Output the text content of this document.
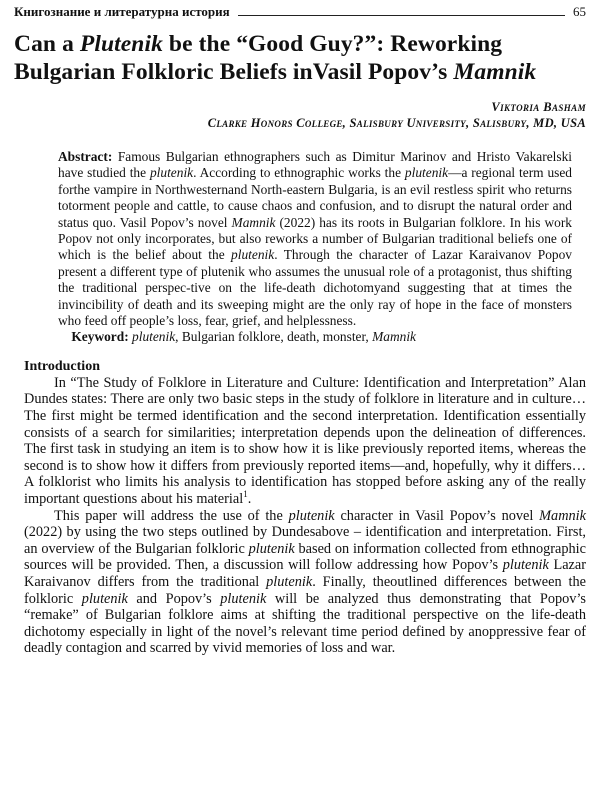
Книгознание и литературна история	65
Can a Plutenik be the “Good Guy?”: Reworking Bulgarian Folkloric Beliefs inVasil Popov’s Mamnik
Viktoria Basham
Clarke Honors College, Salisbury University, Salisbury, MD, USA
Abstract: Famous Bulgarian ethnographers such as Dimitur Marinov and Hristo Vakarelski have studied the plutenik. According to ethnographic works the plutenik—a regional term used forthe vampire in Northwesternand North-eastern Bulgaria, is an evil restless spirit who returns totorment people and cattle, to cause chaos and confusion, and to disrupt the natural order and status quo. Vasil Popov’s novel Mamnik (2022) has its roots in Bulgarian folklore. In his work Popov not only incorporates, but also reworks a number of Bulgarian traditional beliefs one of which is the belief about the plutenik. Through the character of Lazar Karaivanov Popov present a different type of plutenik who assumes the unusual role of a protagonist, thus shifting the traditional perspec-tive on the life-death dichotomyand suggesting that at times the invincibility of death and its sweeping might are the only ray of hope in the face of monsters who feed off people’s loss, fear, grief, and helplessness.
Keyword: plutenik, Bulgarian folklore, death, monster, Mamnik
Introduction

In “The Study of Folklore in Literature and Culture: Identification and Interpretation” Alan Dundes states: There are only two basic steps in the study of folklore in literature and in culture…The first might be termed identification and the second interpretation. Identification essentially consists of a search for similarities; interpretation depends upon the delineation of differences. The first task in studying an item is to show how it is like previously reported items, whereas the second is to show how it differs from previously reported items—and, hopefully, why it differs…A folklorist who limits his analysis to identification has stopped before asking any of the really important questions about his material$^1$.

This paper will address the use of the plutenik character in Vasil Popov’s novel Mamnik (2022) by using the two steps outlined by Dundesabove – identification and interpretation. First, an overview of the Bulgarian folkloric plutenik based on information collected from ethnographic sources will be provided. Then, a discussion will follow addressing how Popov’s plutenik Lazar Karaivanov differs from the traditional plutenik. Finally, theoutlined differences between the folkloric plutenik and Popov’s plutenik will be analyzed thus demonstrating that Popov’s “remake” of Bulgarian folklore aims at shifting the traditional perspective on the life-death dichotomy especially in light of the novel’s relevant time period defined by anoppressive fear of deadly contagion and scarred by vivid memories of loss and war.
